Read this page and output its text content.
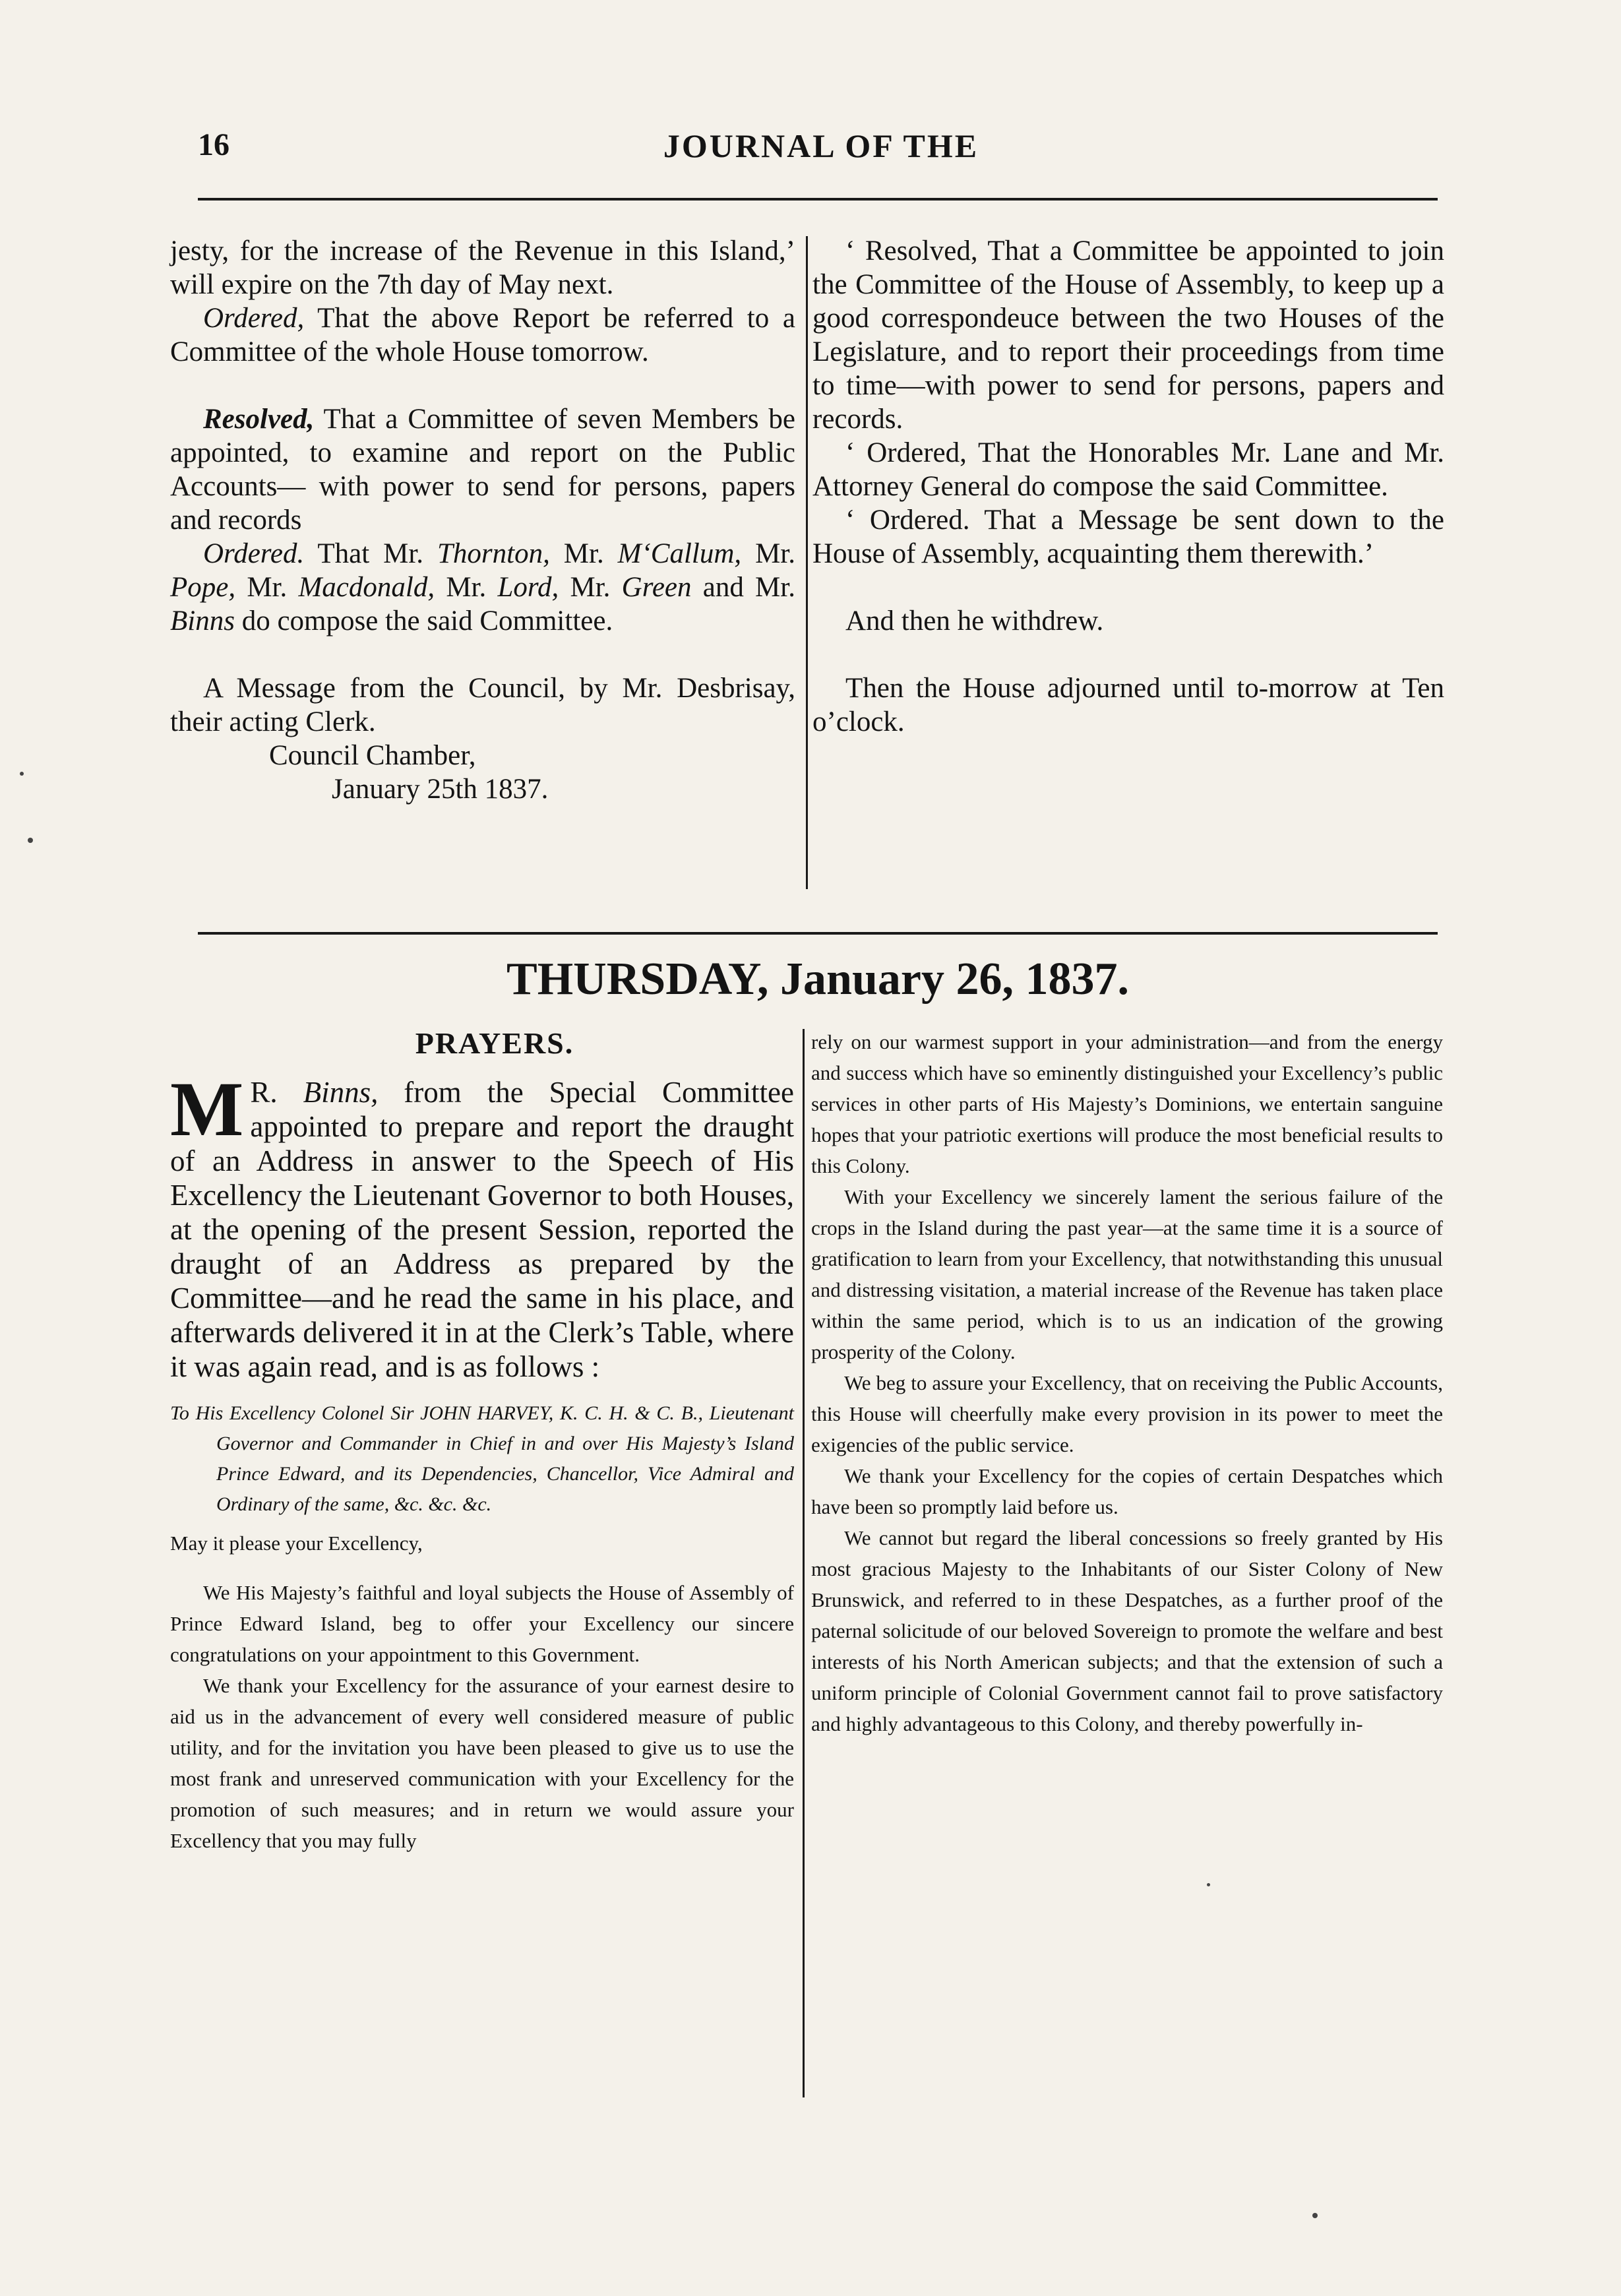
16	JOURNAL OF THE

jesty, for the increase of the Revenue in this Island,’ will expire on the 7th day of May next.

Ordered, That the above Report be referred to a Committee of the whole House tomorrow.

Resolved, That a Committee of seven Members be appointed, to examine and report on the Public Accounts— with power to send for persons, papers and records

Ordered. That Mr. Thornton, Mr. M‘Callum, Mr. Pope, Mr. Macdonald, Mr. Lord, Mr. Green and Mr. Binns do compose the said Committee.

A Message from the Council, by Mr. Desbrisay, their acting Clerk.

Council Chamber,

January 25th 1837.

‘ Resolved, That a Committee be appointed to join the Committee of the House of Assembly, to keep up a good correspondeuce between the two Houses of the Legislature, and to report their proceedings from time to time—with power to send for persons, papers and records.

‘ Ordered, That the Honorables Mr. Lane and Mr. Attorney General do compose the said Committee.

‘ Ordered. That a Message be sent down to the House of Assembly, acquainting them therewith.’

And then he withdrew.

Then the House adjourned until to-morrow at Ten o’clock.

THURSDAY, January 26, 1837.
PRAYERS.

M R. Binns, from the Special Committee appointed to prepare and report the draught of an Address in answer to the Speech of His Excellency the Lieutenant Governor to both Houses, at the opening of the present Session, reported the draught of an Address as prepared by the Committee—and he read the same in his place, and afterwards delivered it in at the Clerk’s Table, where it was again read, and is as follows :

To His Excellency Colonel Sir JOHN HARVEY, K. C. H. & C. B., Lieutenant Governor and Commander in Chief in and over His Majesty’s Island Prince Edward, and its Dependencies, Chancellor, Vice Admiral and Ordinary of the same, &c. &c. &c.

May it please your Excellency,

We His Majesty’s faithful and loyal subjects the House of Assembly of Prince Edward Island, beg to offer your Excellency our sincere congratulations on your appointment to this Government.

We thank your Excellency for the assurance of your earnest desire to aid us in the advancement of every well considered measure of public utility, and for the invitation you have been pleased to give us to use the most frank and unreserved communication with your Excellency for the promotion of such measures; and in return we would assure your Excellency that you may fully

rely on our warmest support in your administration—and from the energy and success which have so eminently distinguished your Excellency’s public services in other parts of His Majesty’s Dominions, we entertain sanguine hopes that your patriotic exertions will produce the most beneficial results to this Colony.

With your Excellency we sincerely lament the serious failure of the crops in the Island during the past year—at the same time it is a source of gratification to learn from your Excellency, that notwithstanding this unusual and distressing visitation, a material increase of the Revenue has taken place within the same period, which is to us an indication of the growing prosperity of the Colony.

We beg to assure your Excellency, that on receiving the Public Accounts, this House will cheerfully make every provision in its power to meet the exigencies of the public service.

We thank your Excellency for the copies of certain Despatches which have been so promptly laid before us.

We cannot but regard the liberal concessions so freely granted by His most gracious Majesty to the Inhabitants of our Sister Colony of New Brunswick, and referred to in these Despatches, as a further proof of the paternal solicitude of our beloved Sovereign to promote the welfare and best interests of his North American subjects; and that the extension of such a uniform principle of Colonial Government cannot fail to prove satisfactory and highly advantageous to this Colony, and thereby powerfully in-
